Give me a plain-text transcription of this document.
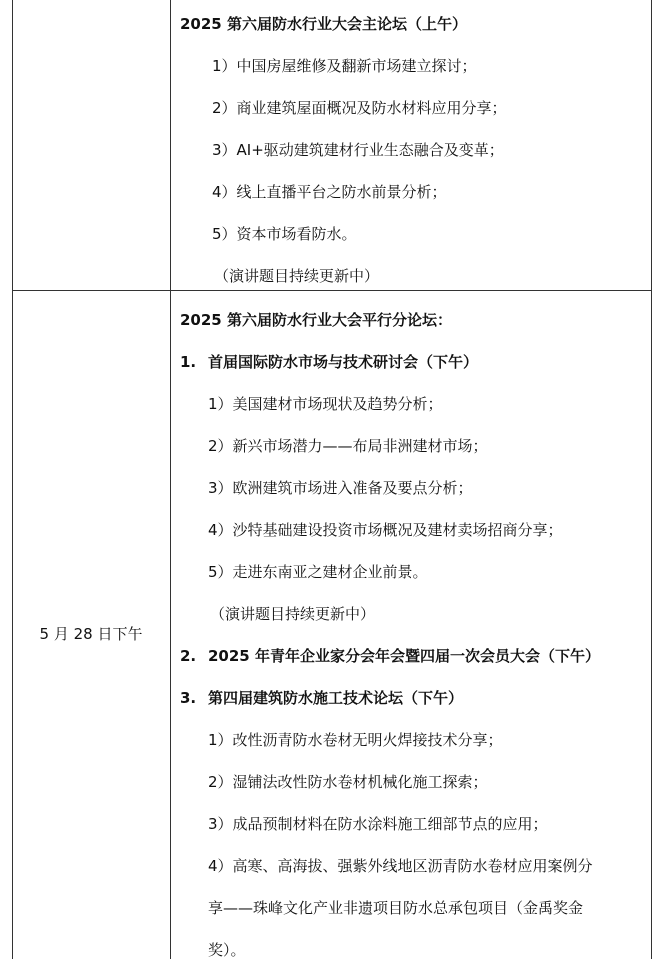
2025 第六届防水行业大会主论坛（上午）
1）中国房屋维修及翻新市场建立探讨；
2）商业建筑屋面概况及防水材料应用分享；
3）AI+驱动建筑建材行业生态融合及变革；
4）线上直播平台之防水前景分析；
5）资本市场看防水。
（演讲题目持续更新中）
5 月 28 日下午
2025 第六届防水行业大会平行分论坛：
1. 首届国际防水市场与技术研讨会（下午）
1）美国建材市场现状及趋势分析；
2）新兴市场潜力——布局非洲建材市场；
3）欧洲建筑市场进入准备及要点分析；
4）沙特基础建设投资市场概况及建材卖场招商分享；
5）走进东南亚之建材企业前景。
（演讲题目持续更新中）
2. 2025 年青年企业家分会年会暨四届一次会员大会（下午）
3. 第四届建筑防水施工技术论坛（下午）
1）改性沥青防水卷材无明火焊接技术分享；
2）湿铺法改性防水卷材机械化施工探索；
3）成品预制材料在防水涂料施工细部节点的应用；
4）高寒、高海拔、强紫外线地区沥青防水卷材应用案例分
享——珠峰文化产业非遗项目防水总承包项目（金禹奖金
奖）。
